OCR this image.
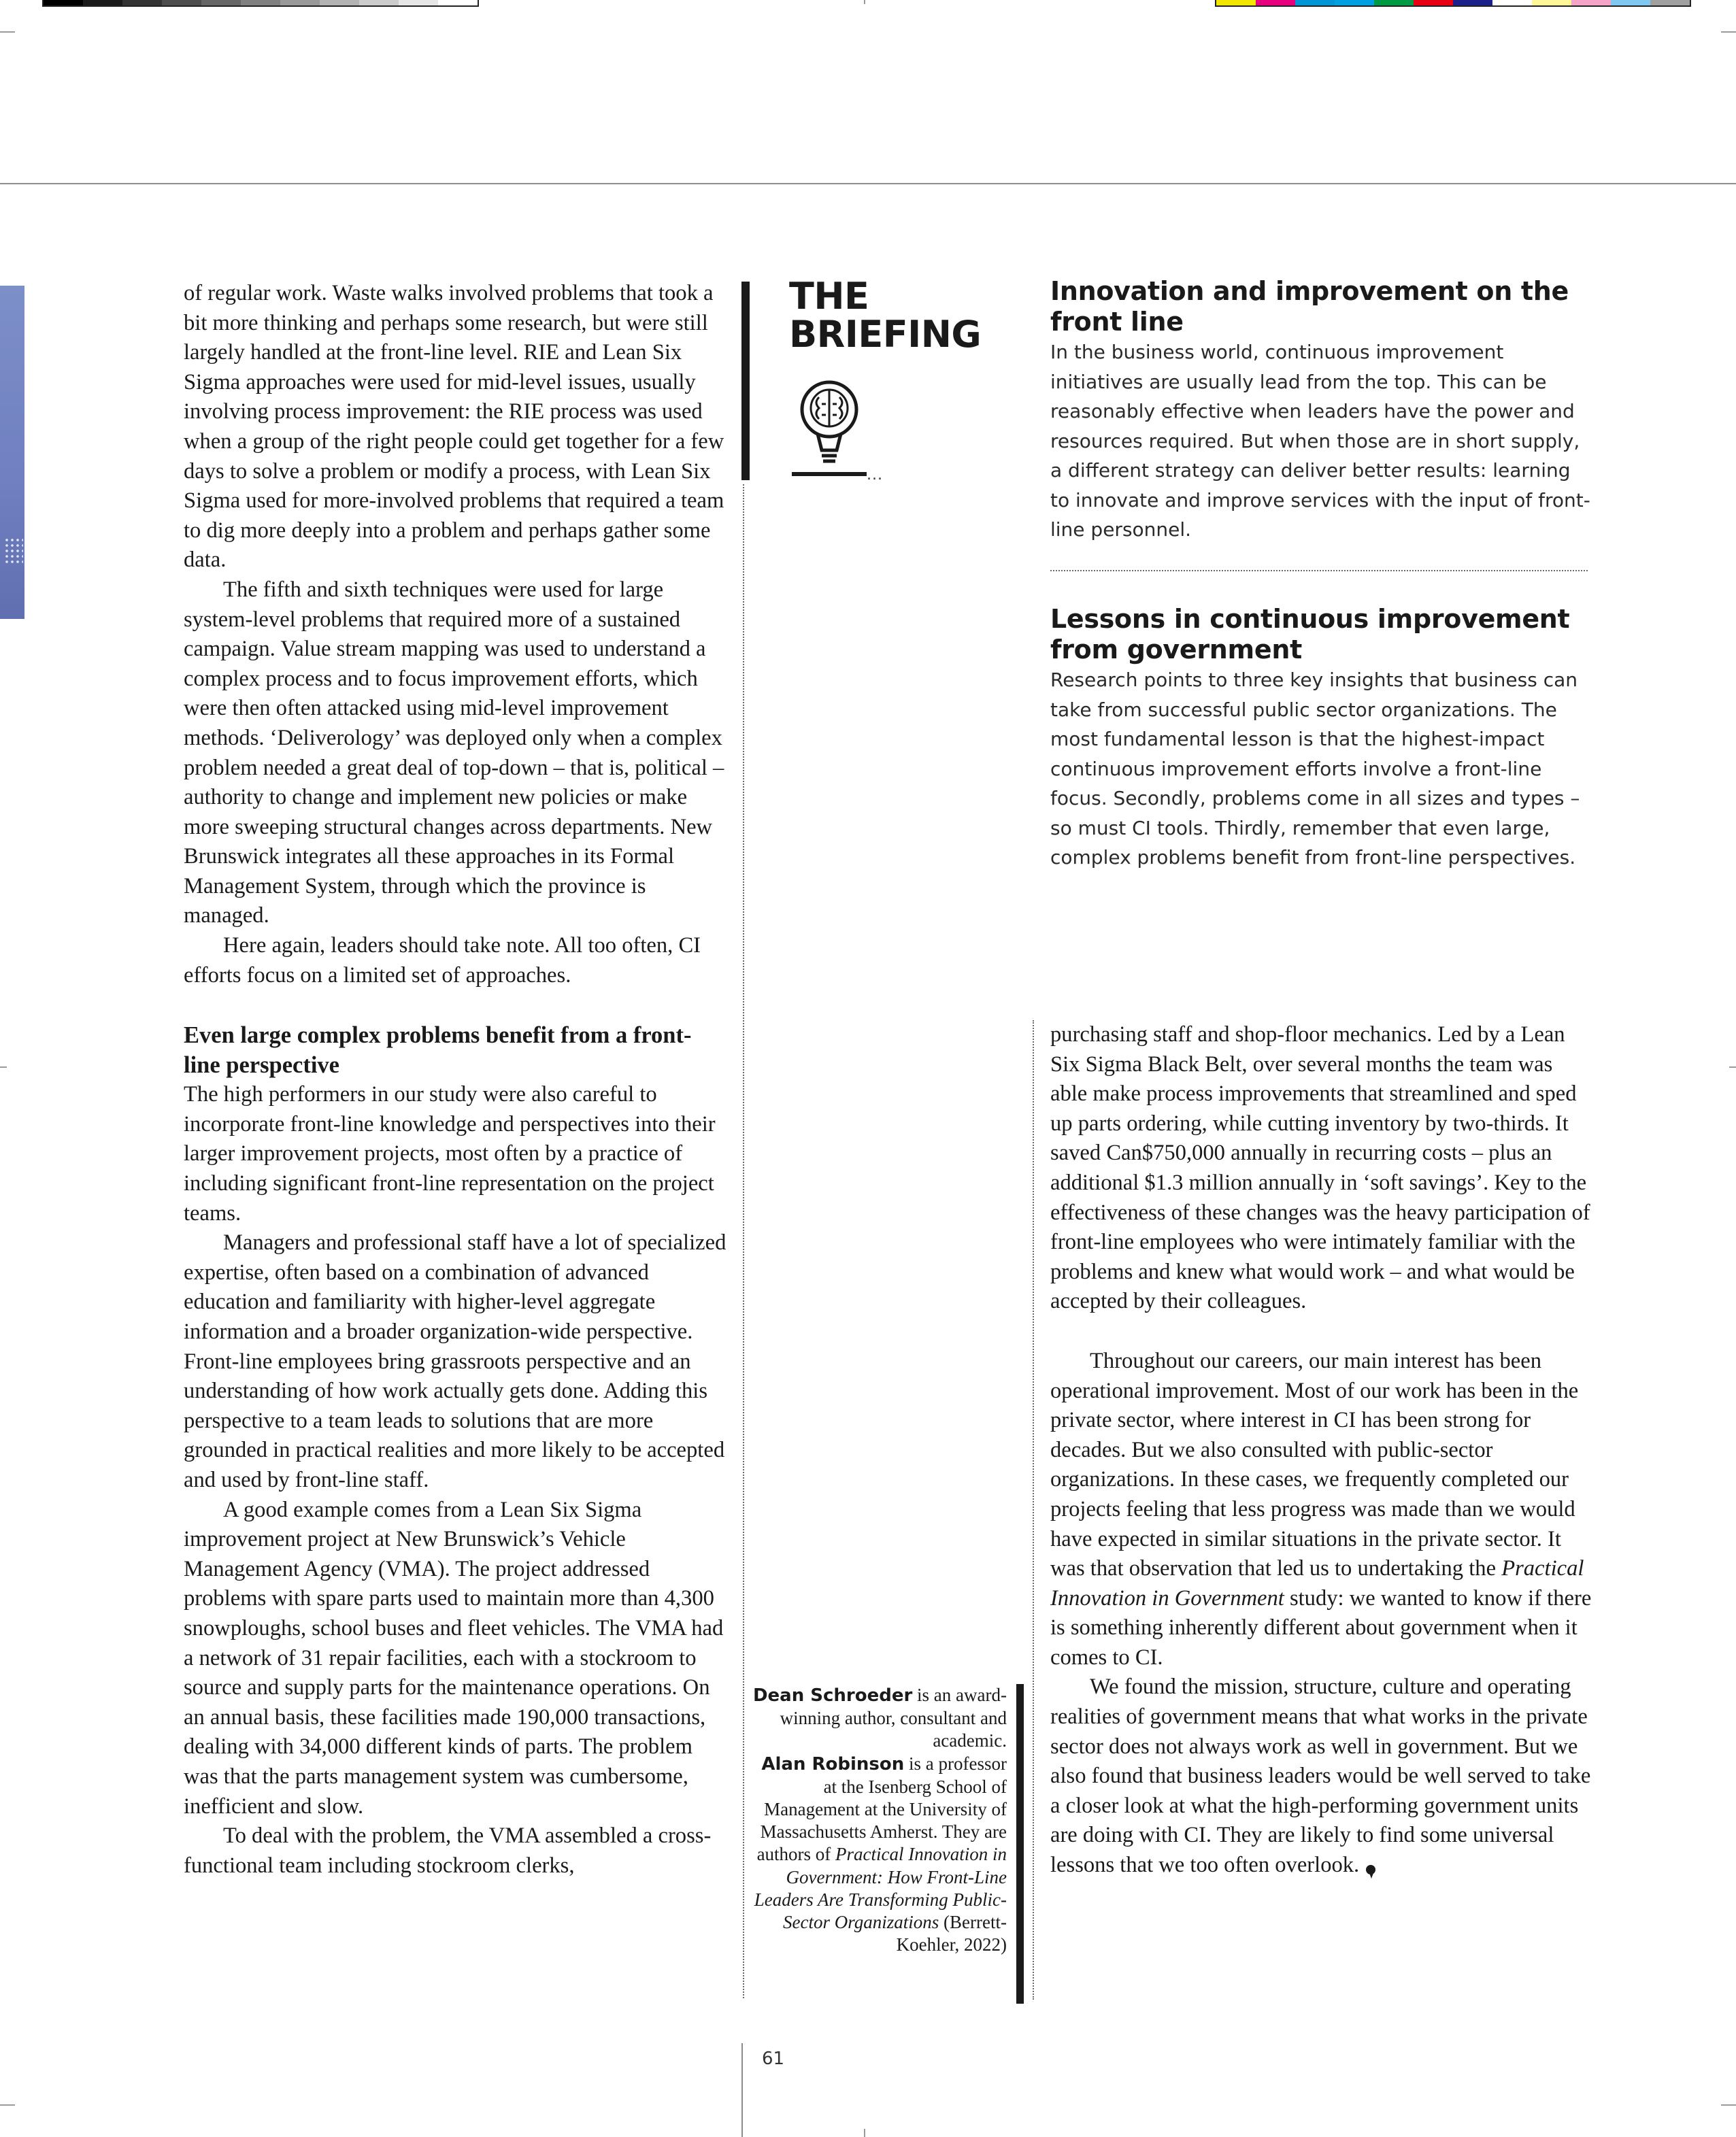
of regular work. Waste walks involved problems that took a bit more thinking and perhaps some research, but were still largely handled at the front-line level. RIE and Lean Six Sigma approaches were used for mid-level issues, usually involving process improvement: the RIE process was used when a group of the right people could get together for a few days to solve a problem or modify a process, with Lean Six Sigma used for more-involved problems that required a team to dig more deeply into a problem and perhaps gather some data.

The fifth and sixth techniques were used for large system-level problems that required more of a sustained campaign. Value stream mapping was used to understand a complex process and to focus improvement efforts, which were then often attacked using mid-level improvement methods. ‘Deliverology’ was deployed only when a complex problem needed a great deal of top-down – that is, political – authority to change and implement new policies or make more sweeping structural changes across departments. New Brunswick integrates all these approaches in its Formal Management System, through which the province is managed.

Here again, leaders should take note. All too often, CI efforts focus on a limited set of approaches.

Even large complex problems benefit from a front-line perspective

The high performers in our study were also careful to incorporate front-line knowledge and perspectives into their larger improvement projects, most often by a practice of including significant front-line representation on the project teams.

Managers and professional staff have a lot of specialized expertise, often based on a combination of advanced education and familiarity with higher-level aggregate information and a broader organization-wide perspective. Front-line employees bring grassroots perspective and an understanding of how work actually gets done. Adding this perspective to a team leads to solutions that are more grounded in practical realities and more likely to be accepted and used by front-line staff.

A good example comes from a Lean Six Sigma improvement project at New Brunswick’s Vehicle Management Agency (VMA). The project addressed problems with spare parts used to maintain more than 4,300 snowploughs, school buses and fleet vehicles. The VMA had a network of 31 repair facilities, each with a stockroom to source and supply parts for the maintenance operations. On an annual basis, these facilities made 190,000 transactions, dealing with 34,000 different kinds of parts. The problem was that the parts management system was cumbersome, inefficient and slow.

To deal with the problem, the VMA assembled a cross-functional team including stockroom clerks,

THE
BRIEFING
...
Innovation and improvement on the front line

In the business world, continuous improvement initiatives are usually lead from the top. This can be reasonably effective when leaders have the power and resources required. But when those are in short supply, a different strategy can deliver better results: learning to innovate and improve services with the input of front-line personnel.

Lessons in continuous improvement from government

Research points to three key insights that business can take from successful public sector organizations. The most fundamental lesson is that the highest-impact continuous improvement efforts involve a front-line focus. Secondly, problems come in all sizes and types – so must CI tools. Thirdly, remember that even large, complex problems benefit from front-line perspectives.

purchasing staff and shop-floor mechanics. Led by a Lean Six Sigma Black Belt, over several months the team was able make process improvements that streamlined and sped up parts ordering, while cutting inventory by two-thirds. It saved Can$750,000 annually in recurring costs – plus an additional $1.3 million annually in ‘soft savings’. Key to the effectiveness of these changes was the heavy participation of front-line employees who were intimately familiar with the problems and knew what would work – and what would be accepted by their colleagues.

Throughout our careers, our main interest has been operational improvement. Most of our work has been in the private sector, where interest in CI has been strong for decades. But we also consulted with public-sector organizations. In these cases, we frequently completed our projects feeling that less progress was made than we would have expected in similar situations in the private sector. It was that observation that led us to undertaking the Practical Innovation in Government study: we wanted to know if there is something inherently different about government when it comes to CI.

We found the mission, structure, culture and operating realities of government means that what works in the private sector does not always work as well in government. But we also found that business leaders would be well served to take a closer look at what the high-performing government units are doing with CI. They are likely to find some universal lessons that we too often overlook.

Dean Schroeder is an award-winning author, consultant and academic.
Alan Robinson is a professor at the Isenberg School of Management at the University of Massachusetts Amherst. They are authors of Practical Innovation in Government: How Front-Line Leaders Are Transforming Public-Sector Organizations (Berrett-Koehler, 2022)
61
